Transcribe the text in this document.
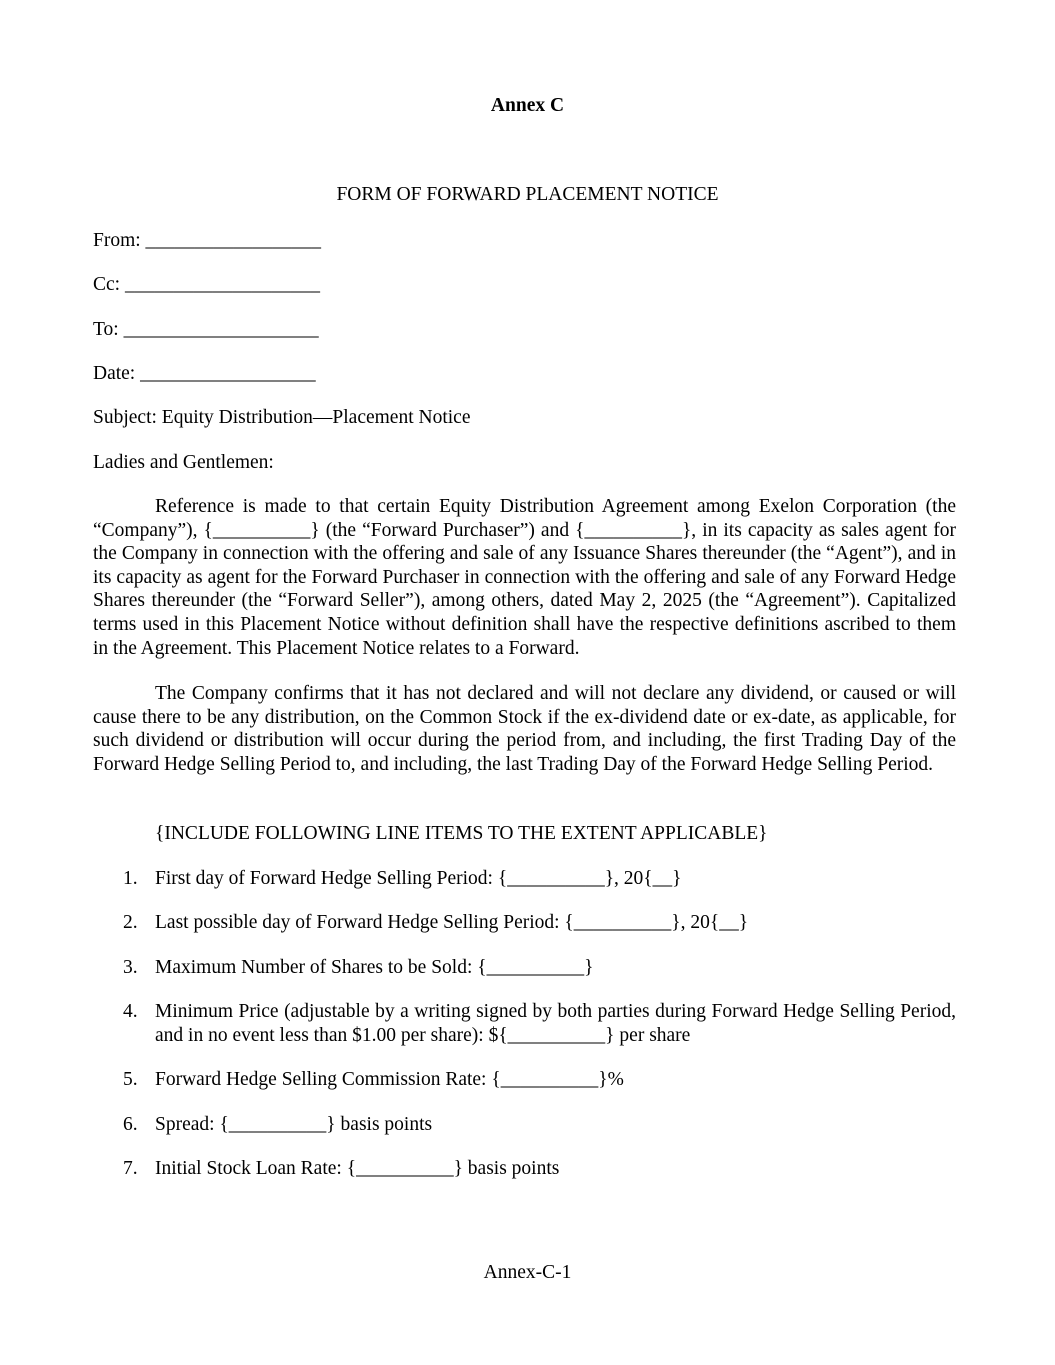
Annex C
FORM OF FORWARD PLACEMENT NOTICE
From: __________________
Cc: ____________________
To: ____________________
Date: __________________
Subject: Equity Distribution—Placement Notice
Ladies and Gentlemen:
Reference is made to that certain Equity Distribution Agreement among Exelon Corporation (the “Company”), {__________} (the “Forward Purchaser”) and {__________}, in its capacity as sales agent for the Company in connection with the offering and sale of any Issuance Shares thereunder (the “Agent”), and in its capacity as agent for the Forward Purchaser in connection with the offering and sale of any Forward Hedge Shares thereunder (the “Forward Seller”), among others, dated May 2, 2025 (the “Agreement”). Capitalized terms used in this Placement Notice without definition shall have the respective definitions ascribed to them in the Agreement. This Placement Notice relates to a Forward.
The Company confirms that it has not declared and will not declare any dividend, or caused or will cause there to be any distribution, on the Common Stock if the ex-dividend date or ex-date, as applicable, for such dividend or distribution will occur during the period from, and including, the first Trading Day of the Forward Hedge Selling Period to, and including, the last Trading Day of the Forward Hedge Selling Period.
{INCLUDE FOLLOWING LINE ITEMS TO THE EXTENT APPLICABLE}
1. First day of Forward Hedge Selling Period: {__________}, 20{__}
2. Last possible day of Forward Hedge Selling Period: {__________}, 20{__}
3. Maximum Number of Shares to be Sold: {__________}
4. Minimum Price (adjustable by a writing signed by both parties during Forward Hedge Selling Period, and in no event less than $1.00 per share): ${__________} per share
5. Forward Hedge Selling Commission Rate: {__________}%
6. Spread: {__________} basis points
7. Initial Stock Loan Rate: {__________} basis points
Annex-C-1
